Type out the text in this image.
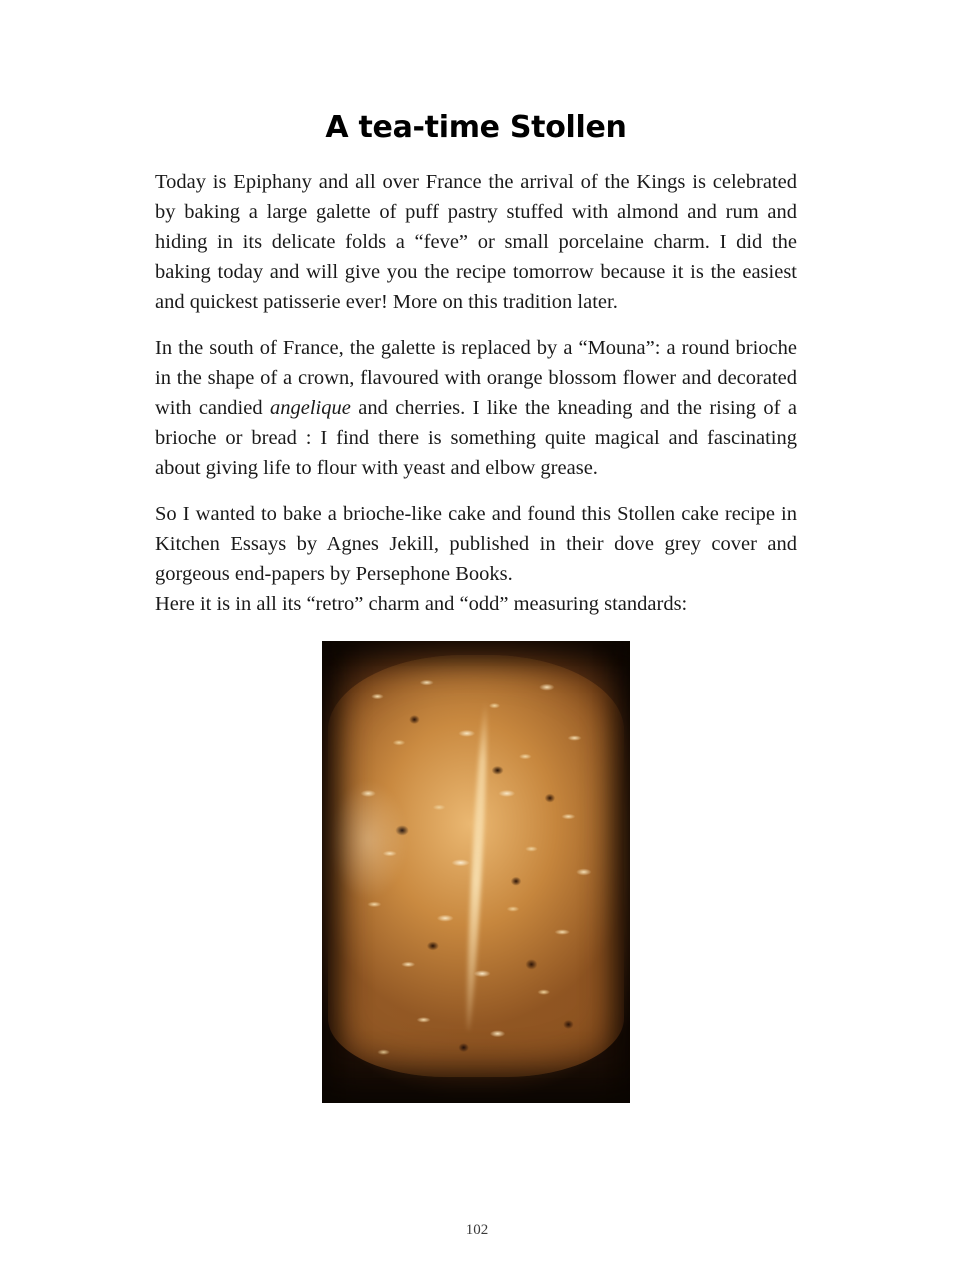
A tea-time Stollen

Today is Epiphany and all over France the arrival of the Kings is celebrated by baking a large galette of puff pastry stuffed with almond and rum and hiding in its delicate folds a “feve” or small porcelaine charm. I did the baking today and will give you the recipe tomorrow because it is the easiest and quickest patisserie ever! More on this tradition later.

In the south of France, the galette is replaced by a “Mouna”: a round brioche in the shape of a crown, flavoured with orange blossom flower and decorated with candied angelique and cherries. I like the kneading and the rising of a brioche or bread : I find there is something quite magical and fascinating about giving life to flour with yeast and elbow grease.

So I wanted to bake a brioche-like cake and found this Stollen cake recipe in Kitchen Essays by Agnes Jekill, published in their dove grey cover and gorgeous end-papers by Persephone Books.

Here it is in all its “retro” charm and “odd” measuring standards:

102
